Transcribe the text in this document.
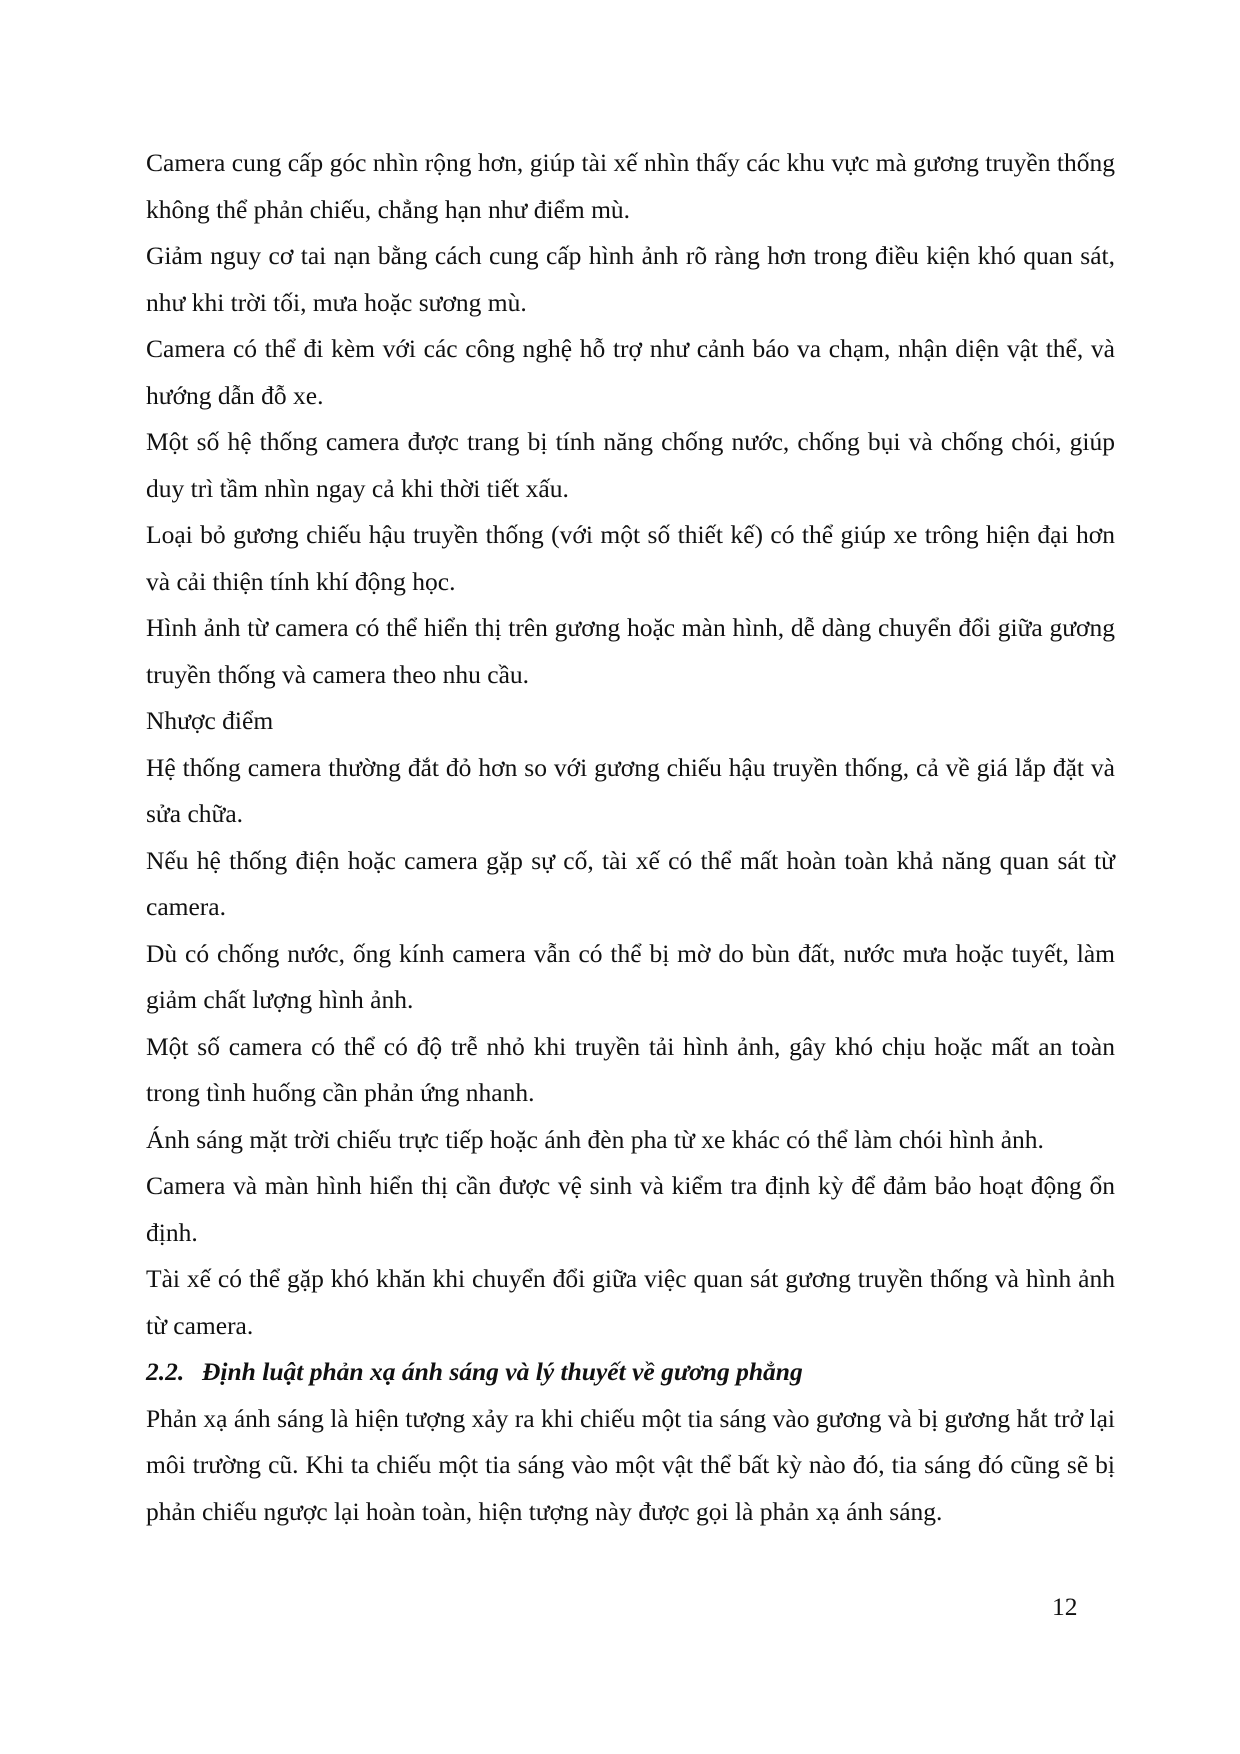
Camera cung cấp góc nhìn rộng hơn, giúp tài xế nhìn thấy các khu vực mà gương truyền thống không thể phản chiếu, chẳng hạn như điểm mù.

Giảm nguy cơ tai nạn bằng cách cung cấp hình ảnh rõ ràng hơn trong điều kiện khó quan sát, như khi trời tối, mưa hoặc sương mù.

Camera có thể đi kèm với các công nghệ hỗ trợ như cảnh báo va chạm, nhận diện vật thể, và hướng dẫn đỗ xe.

Một số hệ thống camera được trang bị tính năng chống nước, chống bụi và chống chói, giúp duy trì tầm nhìn ngay cả khi thời tiết xấu.

Loại bỏ gương chiếu hậu truyền thống (với một số thiết kế) có thể giúp xe trông hiện đại hơn và cải thiện tính khí động học.

Hình ảnh từ camera có thể hiển thị trên gương hoặc màn hình, dễ dàng chuyển đổi giữa gương truyền thống và camera theo nhu cầu.

Nhược điểm

Hệ thống camera thường đắt đỏ hơn so với gương chiếu hậu truyền thống, cả về giá lắp đặt và sửa chữa.

Nếu hệ thống điện hoặc camera gặp sự cố, tài xế có thể mất hoàn toàn khả năng quan sát từ camera.

Dù có chống nước, ống kính camera vẫn có thể bị mờ do bùn đất, nước mưa hoặc tuyết, làm giảm chất lượng hình ảnh.

Một số camera có thể có độ trễ nhỏ khi truyền tải hình ảnh, gây khó chịu hoặc mất an toàn trong tình huống cần phản ứng nhanh.

Ánh sáng mặt trời chiếu trực tiếp hoặc ánh đèn pha từ xe khác có thể làm chói hình ảnh.

Camera và màn hình hiển thị cần được vệ sinh và kiểm tra định kỳ để đảm bảo hoạt động ổn định.

Tài xế có thể gặp khó khăn khi chuyển đổi giữa việc quan sát gương truyền thống và hình ảnh từ camera.

2.2. Định luật phản xạ ánh sáng và lý thuyết về gương phẳng

Phản xạ ánh sáng là hiện tượng xảy ra khi chiếu một tia sáng vào gương và bị gương hắt trở lại môi trường cũ. Khi ta chiếu một tia sáng vào một vật thể bất kỳ nào đó, tia sáng đó cũng sẽ bị phản chiếu ngược lại hoàn toàn, hiện tượng này được gọi là phản xạ ánh sáng.

12
